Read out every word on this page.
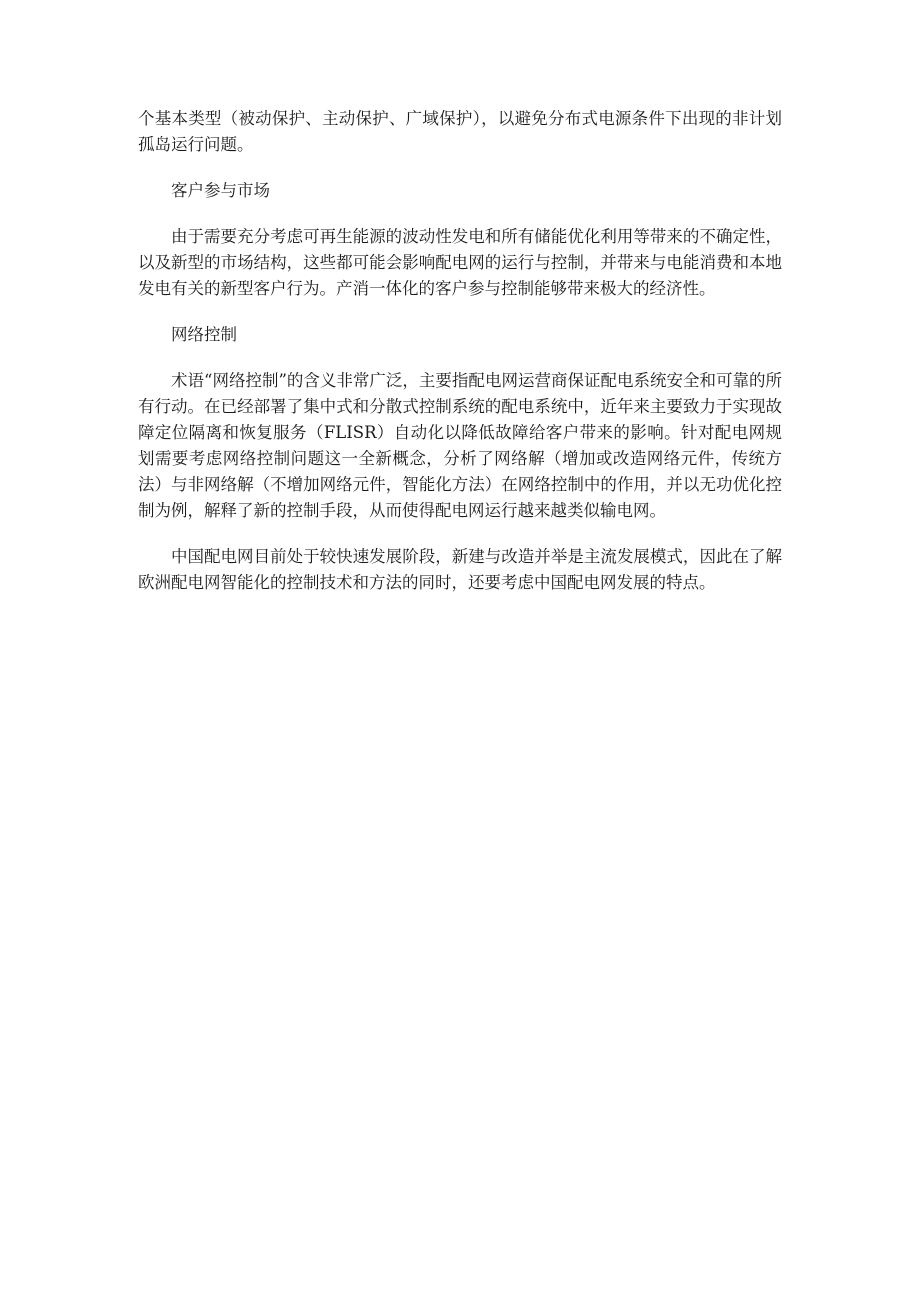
个基本类型（被动保护、主动保护、广域保护），以避免分布式电源条件下出现的非计划孤岛运行问题。

客户参与市场

由于需要充分考虑可再生能源的波动性发电和所有储能优化利用等带来的不确定性，以及新型的市场结构，这些都可能会影响配电网的运行与控制，并带来与电能消费和本地发电有关的新型客户行为。产消一体化的客户参与控制能够带来极大的经济性。

网络控制

术语“网络控制”的含义非常广泛，主要指配电网运营商保证配电系统安全和可靠的所有行动。在已经部署了集中式和分散式控制系统的配电系统中，近年来主要致力于实现故障定位隔离和恢复服务（FLISR）自动化以降低故障给客户带来的影响。针对配电网规划需要考虑网络控制问题这一全新概念，分析了网络解（增加或改造网络元件，传统方法）与非网络解（不增加网络元件，智能化方法）在网络控制中的作用，并以无功优化控制为例，解释了新的控制手段，从而使得配电网运行越来越类似输电网。

中国配电网目前处于较快速发展阶段，新建与改造并举是主流发展模式，因此在了解欧洲配电网智能化的控制技术和方法的同时，还要考虑中国配电网发展的特点。
